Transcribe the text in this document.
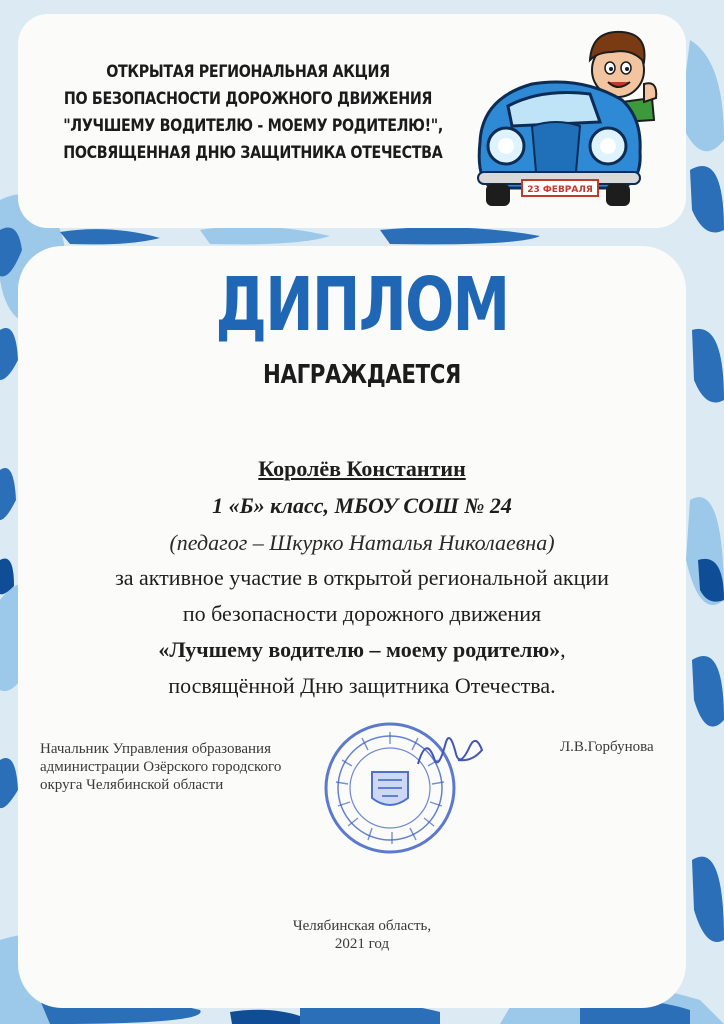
ОТКРЫТАЯ РЕГИОНАЛЬНАЯ АКЦИЯ
ПО БЕЗОПАСНОСТИ ДОРОЖНОГО ДВИЖЕНИЯ
"ЛУЧШЕМУ ВОДИТЕЛЮ - МОЕМУ РОДИТЕЛЮ!",
ПОСВЯЩЕННАЯ ДНЮ ЗАЩИТНИКА ОТЕЧЕСТВА
23 ФЕВРАЛЯ
ДИПЛОМ
НАГРАЖДАЕТСЯ
Королёв Константин
1 «Б» класс, МБОУ СОШ № 24
(педагог – Шкурко Наталья Николаевна)
за активное участие в открытой региональной акции
по безопасности дорожного движения
«Лучшему водителю – моему родителю»,
посвящённой Дню защитника Отечества.
Начальник Управления образования
администрации Озёрского городского
округа Челябинской области
Л.В.Горбунова
Челябинская область,
2021 год
